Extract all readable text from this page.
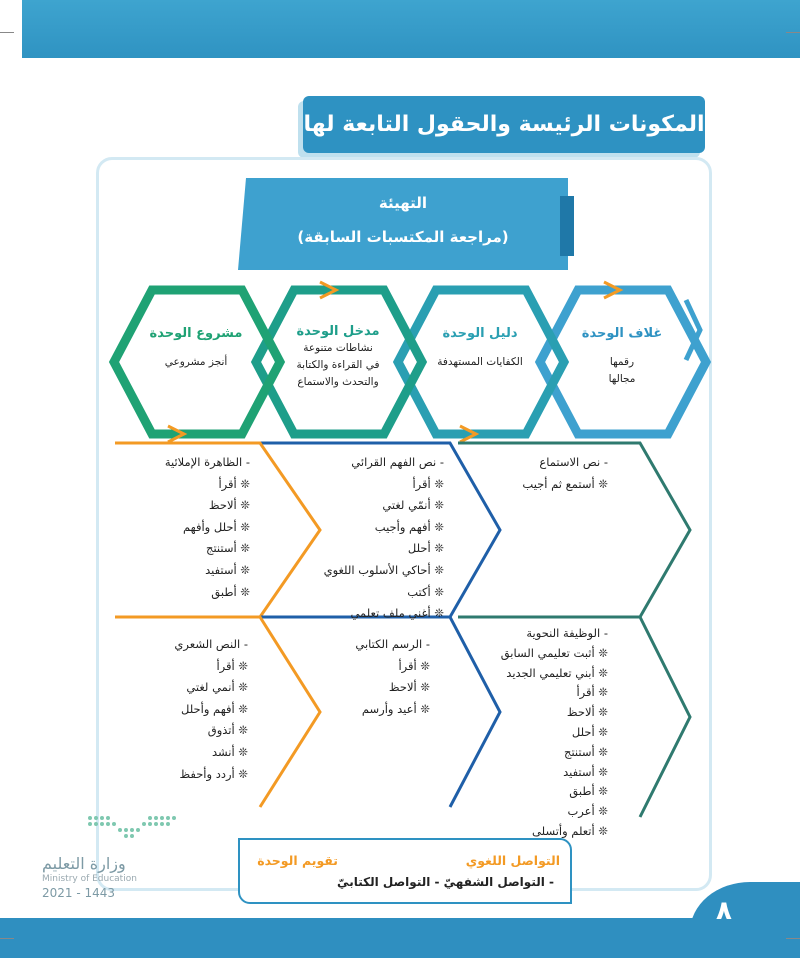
المكونات الرئيسة والحقول التابعة لها
التهيئة
(مراجعة المكتسبات السابقة)
غلاف الوحدة
رقمها
مجالها
دليل الوحدة
الكفايات المستهدفة
مدخل الوحدة
نشاطات متنوعة
في القراءة والكتابة
والتحدث والاستماع
مشروع الوحدة
أنجز مشروعي
- نص الاستماع
❊ أستمع ثم أجيب
- نص الفهم القرائي
❊ أقرأ
❊ أنمّي لغتي
❊ أفهم وأجيب
❊ أحلل
❊ أحاكي الأسلوب اللغوي
❊ أكتب
❊ أغني ملف تعلمي
- الظاهرة الإملائية
❊ أقرأ
❊ ألاحظ
❊ أحلل وأفهم
❊ أستنتج
❊ أستفيد
❊ أطبق
- الوظيفة النحوية
❊ أثبت تعليمي السابق
❊ أبني تعليمي الجديد
❊ أقرأ
❊ ألاحظ
❊ أحلل
❊ أستنتج
❊ أستفيد
❊ أطبق
❊ أعرب
❊ أتعلم وأتسلى
- الرسم الكتابي
❊ أقرأ
❊ ألاحظ
❊ أعيد وأرسم
- النص الشعري
❊ أقرأ
❊ أنمي لغتي
❊ أفهم وأحلل
❊ أتذوق
❊ أنشد
❊ أردد وأحفظ
تقويم الوحدة	التواصل اللغوي
- التواصل الشفهيّ - التواصل الكتابيّ
وزارة التعليم
Ministry of Education
2021 - 1443
٨
